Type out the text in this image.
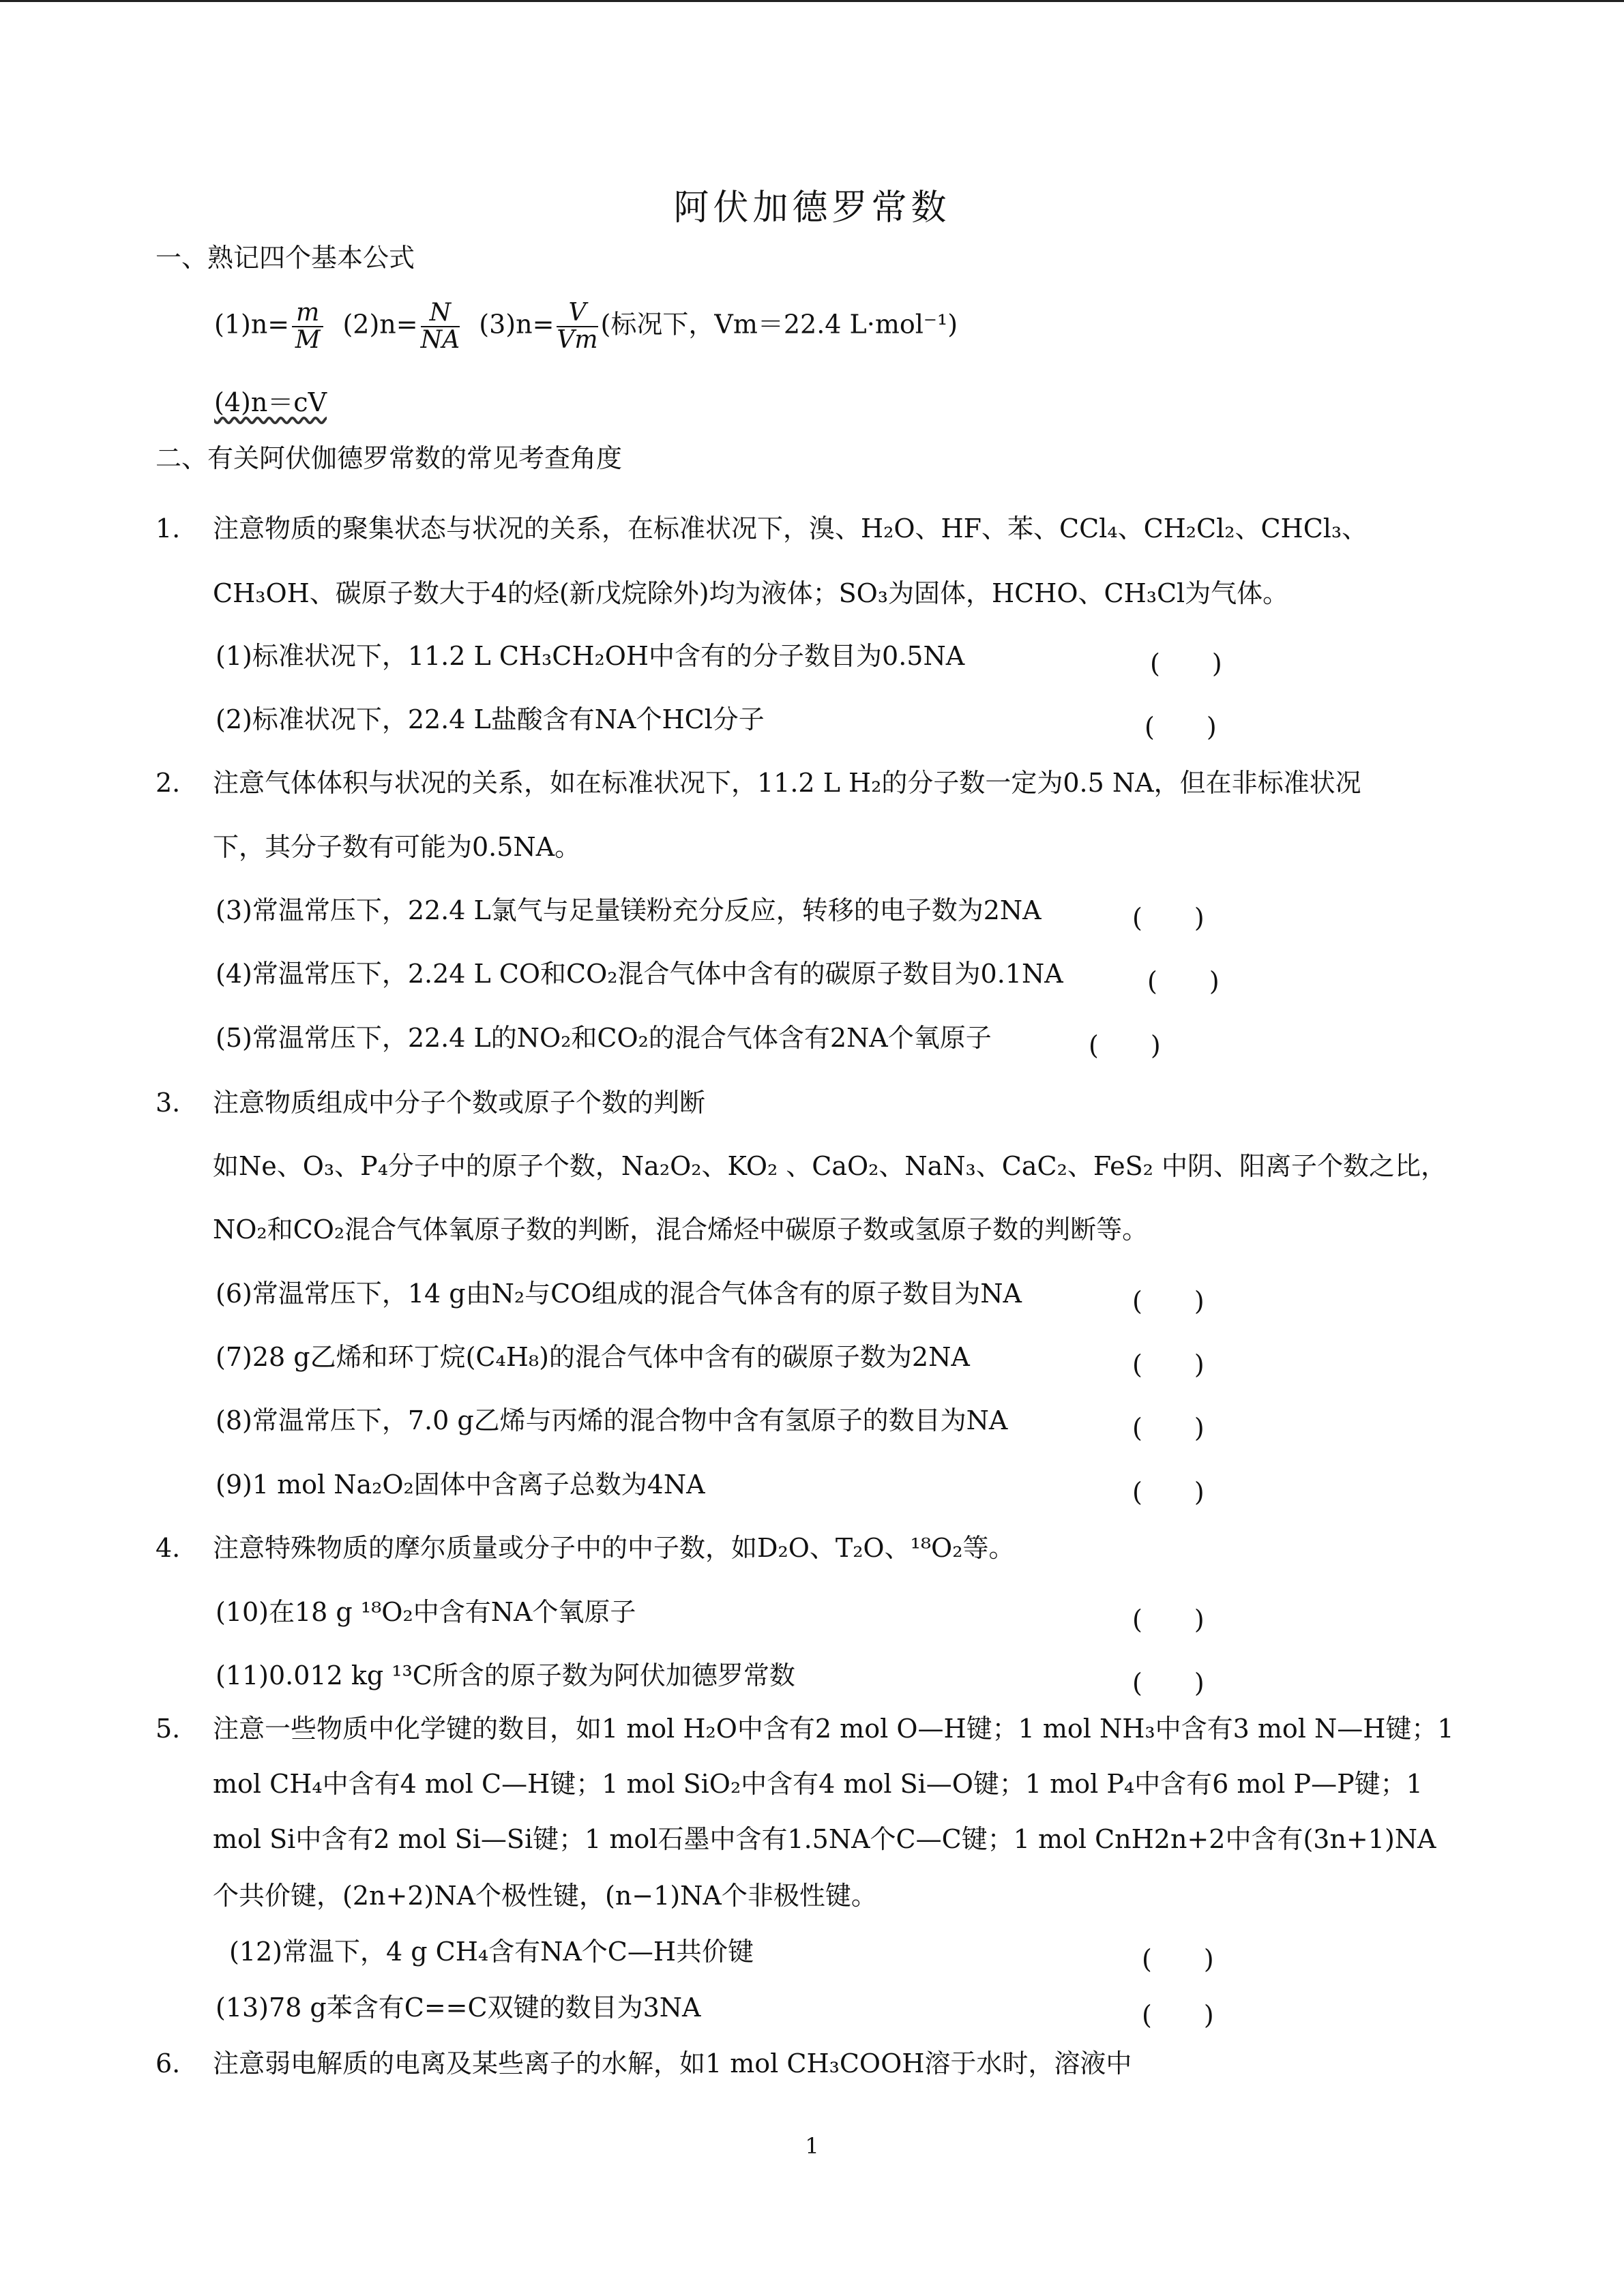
阿伏加德罗常数
一、熟记四个基本公式
$(1)n= \frac{m}{M} (2)n= \frac{N}{NA} (3)n= \frac{V}{Vm}$ (标况下，Vm＝22.4 L·mol⁻¹)
(4)n＝cV
二、有关阿伏伽德罗常数的常见考查角度
1. 注意物质的聚集状态与状况的关系，在标准状况下，溴、H₂O、HF、苯、CCl₄、CH₂Cl₂、CHCl₃、
CH₃OH、碳原子数大于4的烃(新戊烷除外)均为液体；SO₃为固体，HCHO、CH₃Cl为气体。
(1)标准状况下，11.2 L CH₃CH₂OH中含有的分子数目为0.5NA	(　　)
(2)标准状况下，22.4 L盐酸含有NA个HCl分子	(　　)
2. 注意气体体积与状况的关系，如在标准状况下，11.2 L H₂的分子数一定为0.5 NA，但在非标准状况
下，其分子数有可能为0.5NA。
(3)常温常压下，22.4 L氯气与足量镁粉充分反应，转移的电子数为2NA	(　　)
(4)常温常压下，2.24 L CO和CO₂混合气体中含有的碳原子数目为0.1NA	(　　)
(5)常温常压下，22.4 L的NO₂和CO₂的混合气体含有2NA个氧原子	(　　)
3. 注意物质组成中分子个数或原子个数的判断
如Ne、O₃、P₄分子中的原子个数，Na₂O₂、KO₂ 、CaO₂、NaN₃、CaC₂、FeS₂ 中阴、阳离子个数之比，
NO₂和CO₂混合气体氧原子数的判断，混合烯烃中碳原子数或氢原子数的判断等。
(6)常温常压下，14 g由N₂与CO组成的混合气体含有的原子数目为NA	(　　)
(7)28 g乙烯和环丁烷(C₄H₈)的混合气体中含有的碳原子数为2NA	(　　)
(8)常温常压下，7.0 g乙烯与丙烯的混合物中含有氢原子的数目为NA	(　　)
(9)1 mol Na₂O₂固体中含离子总数为4NA	(　　)
4. 注意特殊物质的摩尔质量或分子中的中子数，如D₂O、T₂O、¹⁸O₂等。
(10)在18 g ¹⁸O₂中含有NA个氧原子	(　　)
(11)0.012 kg ¹³C所含的原子数为阿伏加德罗常数	(　　)
5. 注意一些物质中化学键的数目，如1 mol H₂O中含有2 mol O—H键；1 mol NH₃中含有3 mol N—H键；1
mol CH₄中含有4 mol C—H键；1 mol SiO₂中含有4 mol Si—O键；1 mol P₄中含有6 mol P—P键；1
mol Si中含有2 mol Si—Si键；1 mol石墨中含有1.5NA个C—C键；1 mol CnH2n+2中含有(3n+1)NA
个共价键，(2n+2)NA个极性键，(n−1)NA个非极性键。
(12)常温下，4 g CH₄含有NA个C—H共价键	(　　)
(13)78 g苯含有C==C双键的数目为3NA	(　　)
6. 注意弱电解质的电离及某些离子的水解，如1 mol CH₃COOH溶于水时，溶液中
1
